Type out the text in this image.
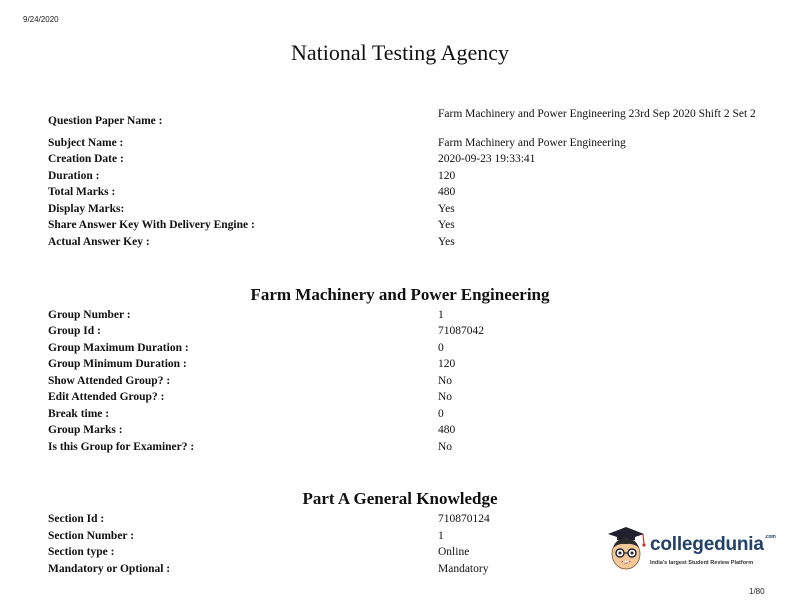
9/24/2020
National Testing Agency
Question Paper Name :
Farm Machinery and Power Engineering 23rd Sep 2020 Shift 2 Set 2
Subject Name :	Farm Machinery and Power Engineering
Creation Date :	2020-09-23 19:33:41
Duration :	120
Total Marks :	480
Display Marks:	Yes
Share Answer Key With Delivery Engine :	Yes
Actual Answer Key :	Yes
Farm Machinery and Power Engineering
Group Number :	1
Group Id :	71087042
Group Maximum Duration :	0
Group Minimum Duration :	120
Show Attended Group? :	No
Edit Attended Group? :	No
Break time :	0
Group Marks :	480
Is this Group for Examiner? :	No
Part A General Knowledge
Section Id :	710870124
Section Number :	1
Section type :	Online
Mandatory or Optional :	Mandatory
collegedunia$^{.com}$
India's largest Student Review Platform
1/80
